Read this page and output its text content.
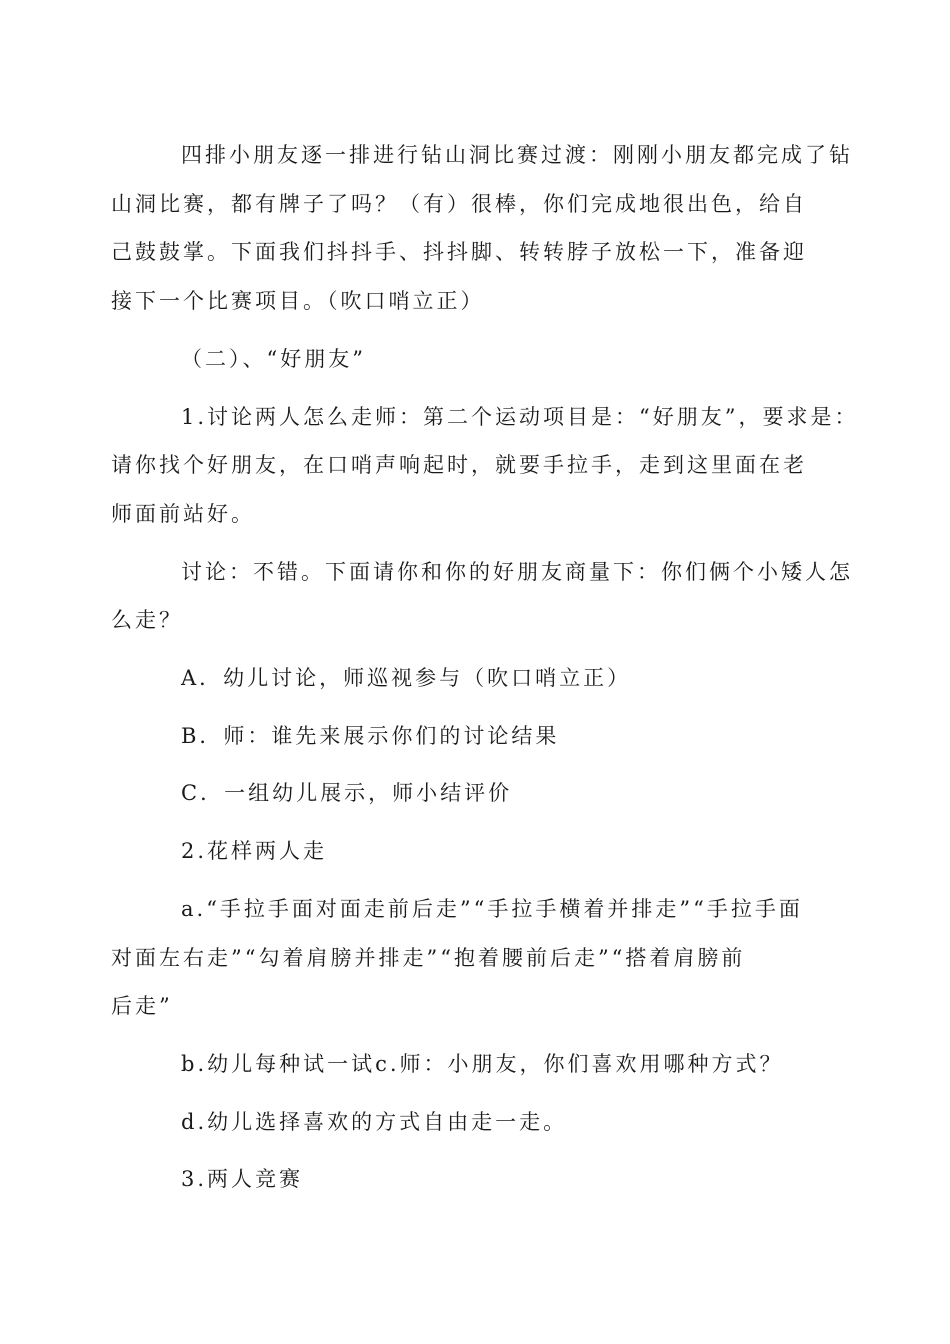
四排小朋友逐一排进行钻山洞比赛过渡：刚刚小朋友都完成了钻
山洞比赛，都有牌子了吗？（有）很棒，你们完成地很出色，给自
己鼓鼓掌。下面我们抖抖手、抖抖脚、转转脖子放松一下，准备迎
接下一个比赛项目。（吹口哨立正）

（二）、“好朋友”

1.讨论两人怎么走师：第二个运动项目是：“好朋友”，要求是：
请你找个好朋友，在口哨声响起时，就要手拉手，走到这里面在老
师面前站好。

讨论：不错。下面请你和你的好朋友商量下：你们俩个小矮人怎
么走？

A．幼儿讨论，师巡视参与（吹口哨立正）

B．师：谁先来展示你们的讨论结果

C．一组幼儿展示，师小结评价

2.花样两人走

a.“手拉手面对面走前后走”“手拉手横着并排走”“手拉手面
对面左右走”“勾着肩膀并排走”“抱着腰前后走”“搭着肩膀前
后走”

b.幼儿每种试一试c.师：小朋友，你们喜欢用哪种方式？

d.幼儿选择喜欢的方式自由走一走。

3.两人竞赛
